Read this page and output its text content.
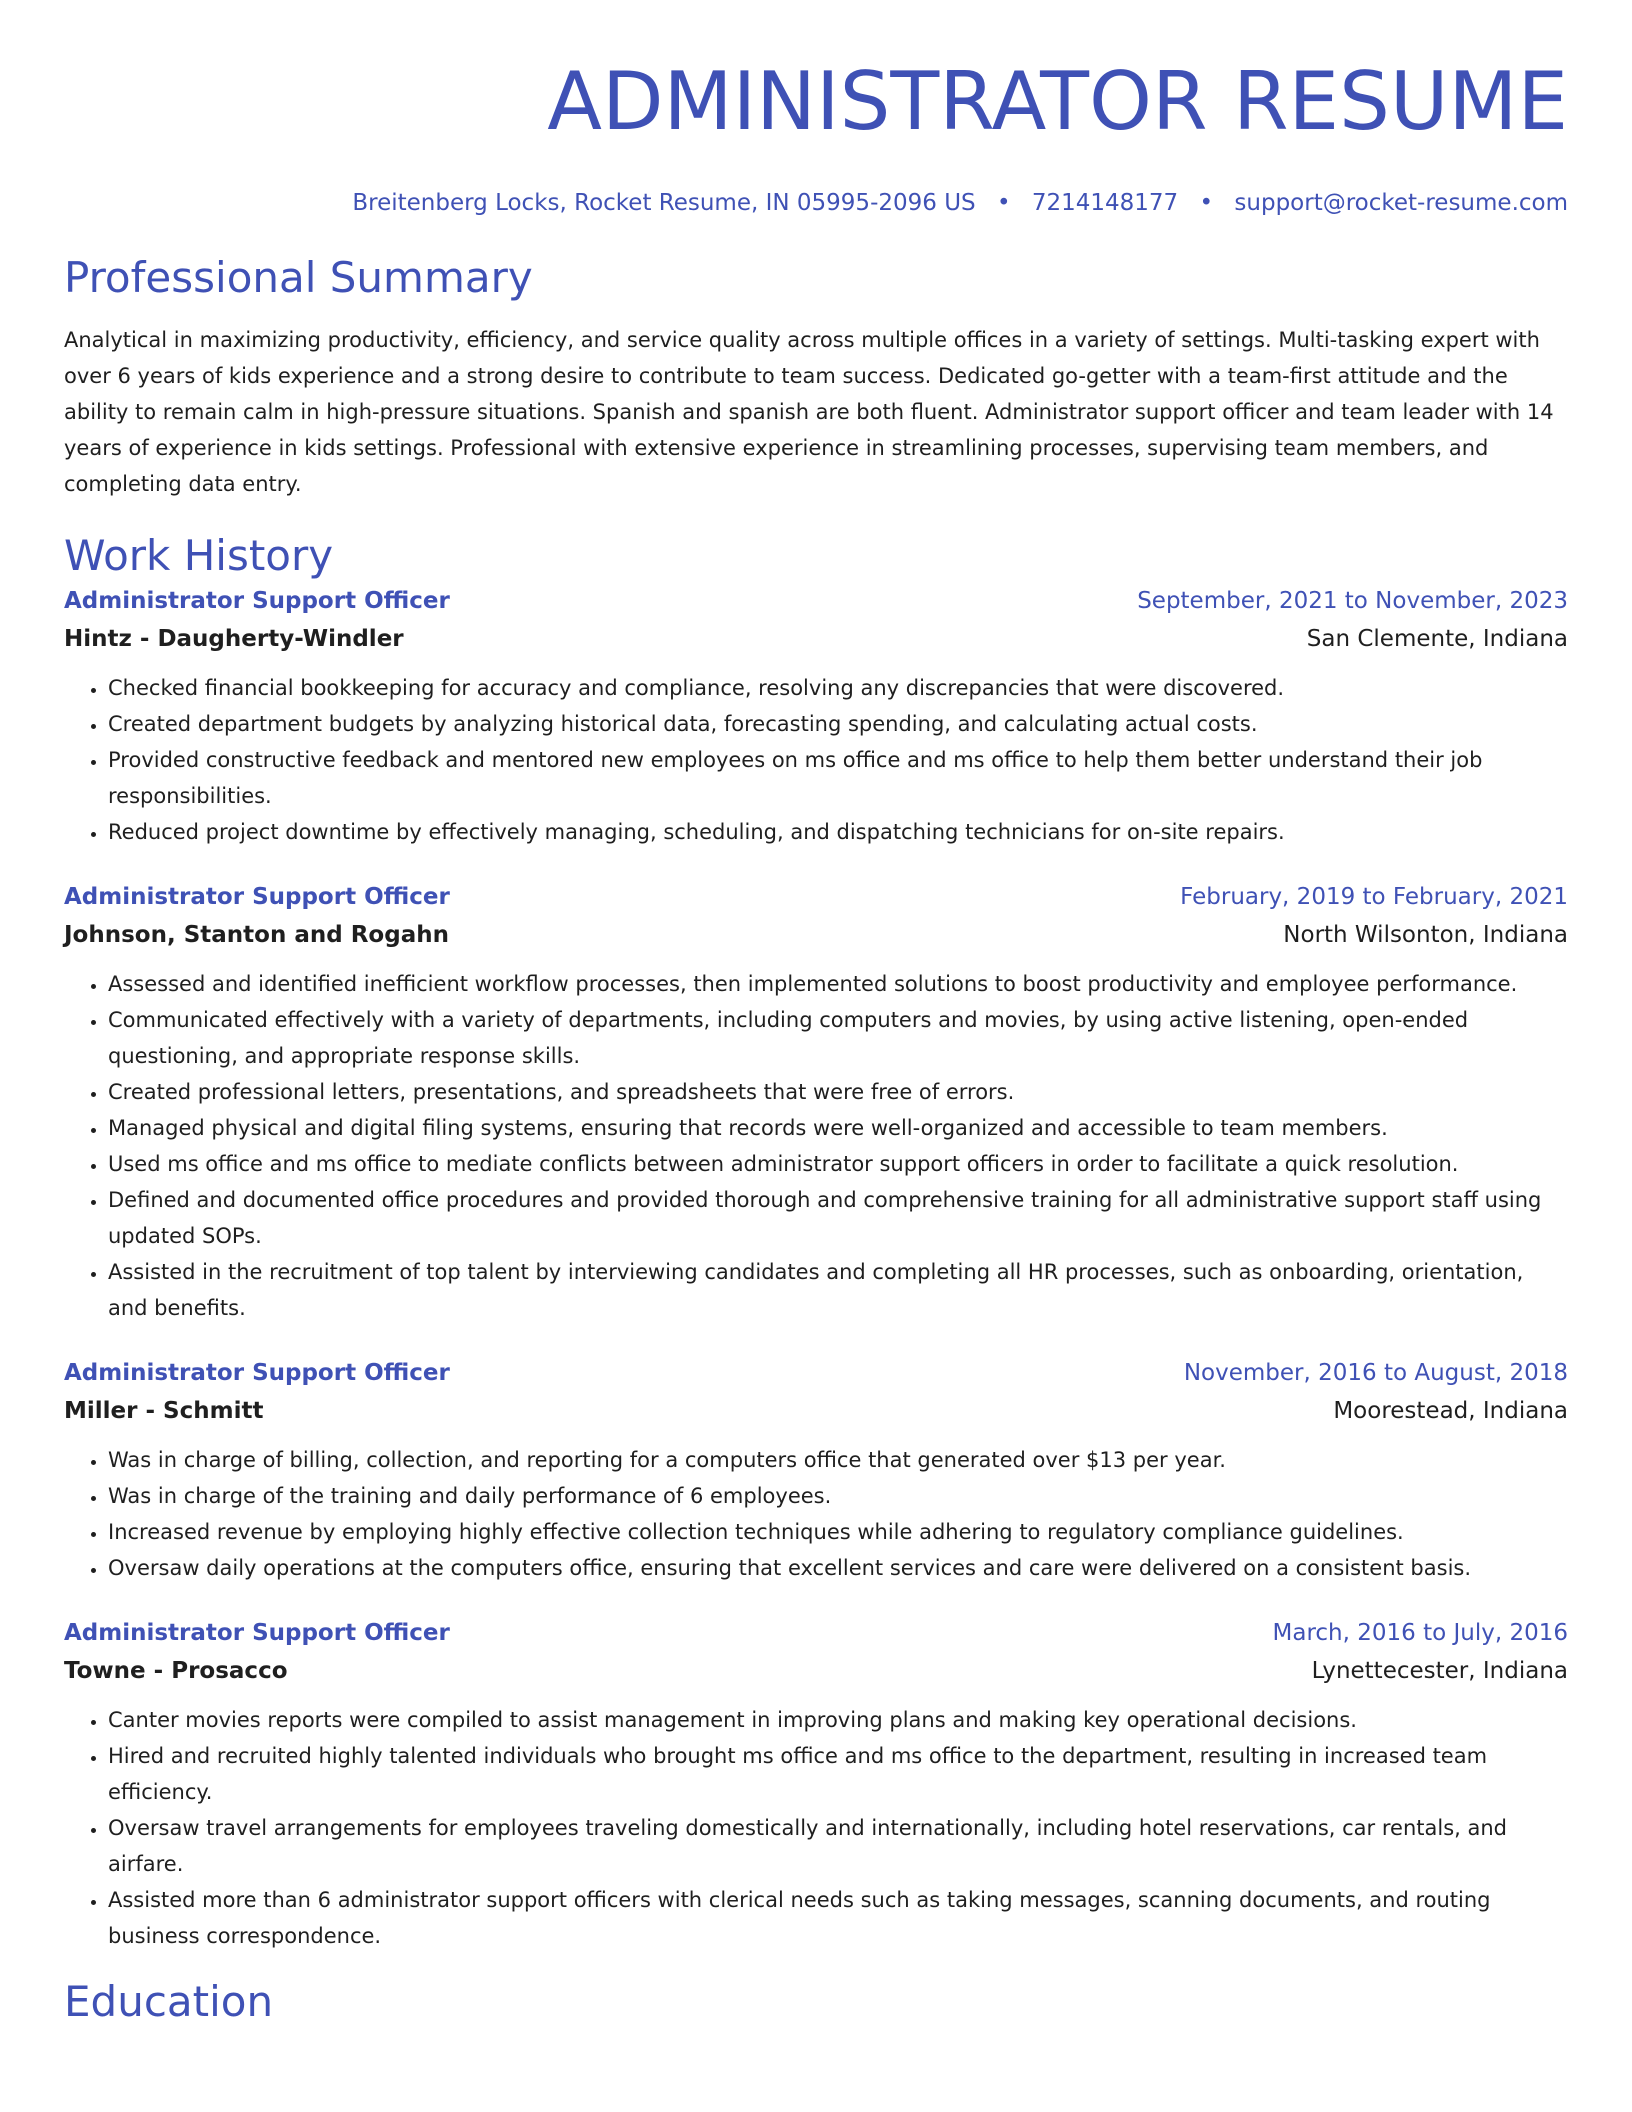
ADMINISTRATOR RESUME
Breitenberg Locks, Rocket Resume, IN 05995-2096 US • 7214148177 • support@rocket-resume.com
Professional Summary
Analytical in maximizing productivity, efficiency, and service quality across multiple offices in a variety of settings. Multi-tasking expert with over 6 years of kids experience and a strong desire to contribute to team success. Dedicated go-getter with a team-first attitude and the ability to remain calm in high-pressure situations. Spanish and spanish are both fluent. Administrator support officer and team leader with 14 years of experience in kids settings. Professional with extensive experience in streamlining processes, supervising team members, and completing data entry.
Work History
Administrator Support Officer	September, 2021 to November, 2023
Hintz - Daugherty-Windler	San Clemente, Indiana
• Checked financial bookkeeping for accuracy and compliance, resolving any discrepancies that were discovered.
• Created department budgets by analyzing historical data, forecasting spending, and calculating actual costs.
• Provided constructive feedback and mentored new employees on ms office and ms office to help them better understand their job responsibilities.
• Reduced project downtime by effectively managing, scheduling, and dispatching technicians for on-site repairs.
Administrator Support Officer	February, 2019 to February, 2021
Johnson, Stanton and Rogahn	North Wilsonton, Indiana
• Assessed and identified inefficient workflow processes, then implemented solutions to boost productivity and employee performance.
• Communicated effectively with a variety of departments, including computers and movies, by using active listening, open-ended questioning, and appropriate response skills.
• Created professional letters, presentations, and spreadsheets that were free of errors.
• Managed physical and digital filing systems, ensuring that records were well-organized and accessible to team members.
• Used ms office and ms office to mediate conflicts between administrator support officers in order to facilitate a quick resolution.
• Defined and documented office procedures and provided thorough and comprehensive training for all administrative support staff using updated SOPs.
• Assisted in the recruitment of top talent by interviewing candidates and completing all HR processes, such as onboarding, orientation, and benefits.
Administrator Support Officer	November, 2016 to August, 2018
Miller - Schmitt	Moorestead, Indiana
• Was in charge of billing, collection, and reporting for a computers office that generated over $13 per year.
• Was in charge of the training and daily performance of 6 employees.
• Increased revenue by employing highly effective collection techniques while adhering to regulatory compliance guidelines.
• Oversaw daily operations at the computers office, ensuring that excellent services and care were delivered on a consistent basis.
Administrator Support Officer	March, 2016 to July, 2016
Towne - Prosacco	Lynettecester, Indiana
• Canter movies reports were compiled to assist management in improving plans and making key operational decisions.
• Hired and recruited highly talented individuals who brought ms office and ms office to the department, resulting in increased team efficiency.
• Oversaw travel arrangements for employees traveling domestically and internationally, including hotel reservations, car rentals, and airfare.
• Assisted more than 6 administrator support officers with clerical needs such as taking messages, scanning documents, and routing business correspondence.
Education
